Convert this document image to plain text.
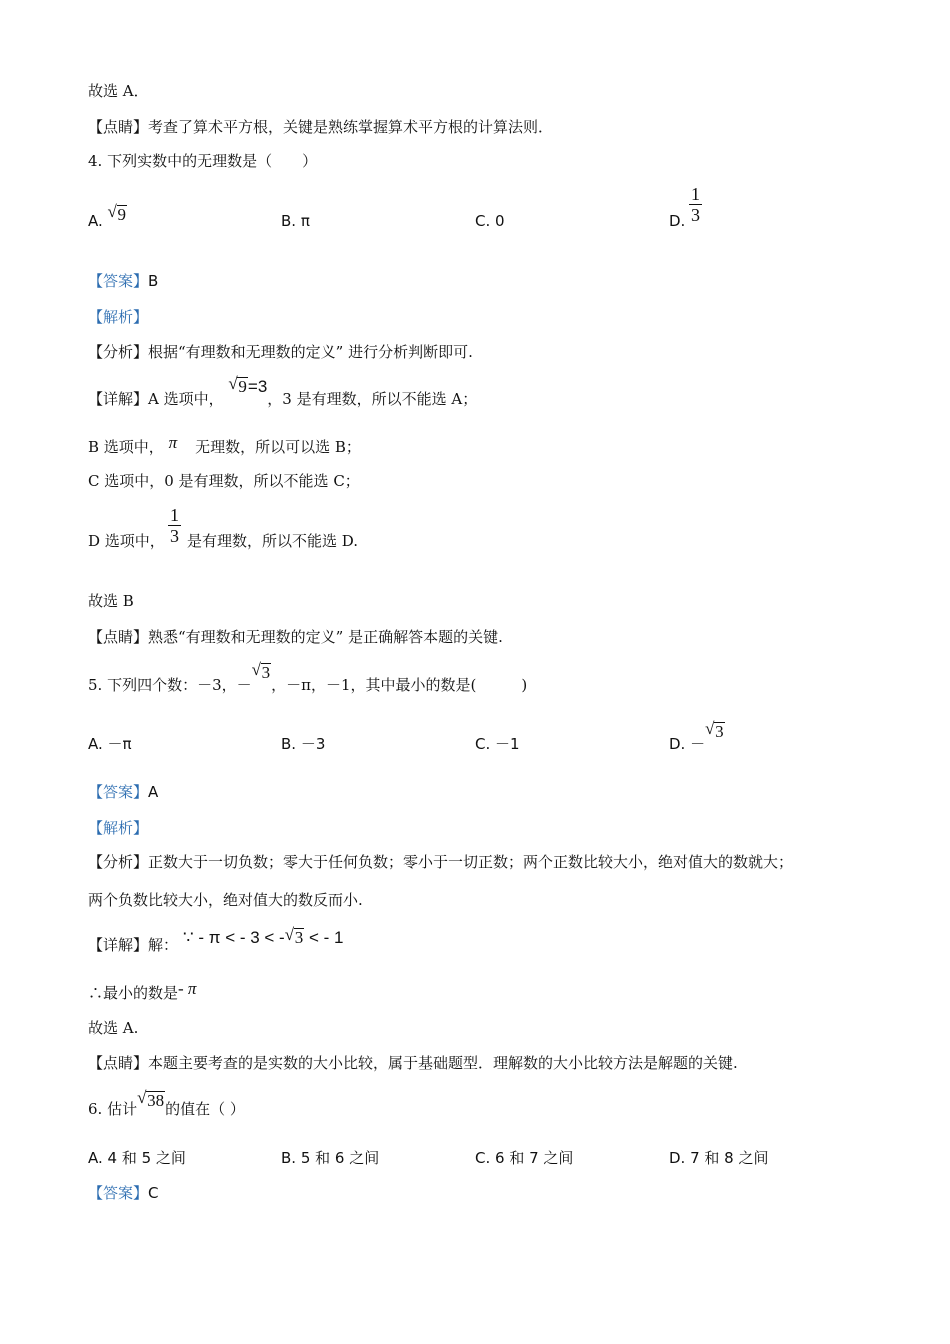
故选 A．
【点睛】考查了算术平方根，关键是熟练掌握算术平方根的计算法则．
4. 下列实数中的无理数是（　　）
A. √ 9	B. π	C. 0	D. $\frac{1}{3}$
【答案】B
【解析】
【分析】根据“有理数和无理数的定义” 进行分析判断即可.
【详解】A 选项中，
√ 9=3，3 是有理数，所以不能选 A；
B 选项中， π 无理数，所以可以选 B；
C 选项中，0 是有理数，所以不能选 C；
D 选项中， $\frac{1}{3}$ 是有理数，所以不能选 D.
故选 B
【点睛】熟悉“有理数和无理数的定义” 是正确解答本题的关键.
5. 下列四个数：－3，－
√ 3，－π，－1，其中最小的数是(　　　)
A. －π	B. －3	C. －1	D. －
√ 3
【答案】A
【解析】
【分析】正数大于一切负数；零大于任何负数；零小于一切正数；两个正数比较大小，绝对值大的数就大；
两个负数比较大小，绝对值大的数反而小.
【详解】解： ∵ - π < - 3 < - √ 3 < - 1
∴最小的数是- π
故选 A.
【点睛】本题主要考查的是实数的大小比较，属于基础题型．理解数的大小比较方法是解题的关键.
6. 估计
√ 38的值在（ ）
A. 4 和 5 之间	B. 5 和 6 之间	C. 6 和 7 之间	D. 7 和 8 之间
【答案】C
